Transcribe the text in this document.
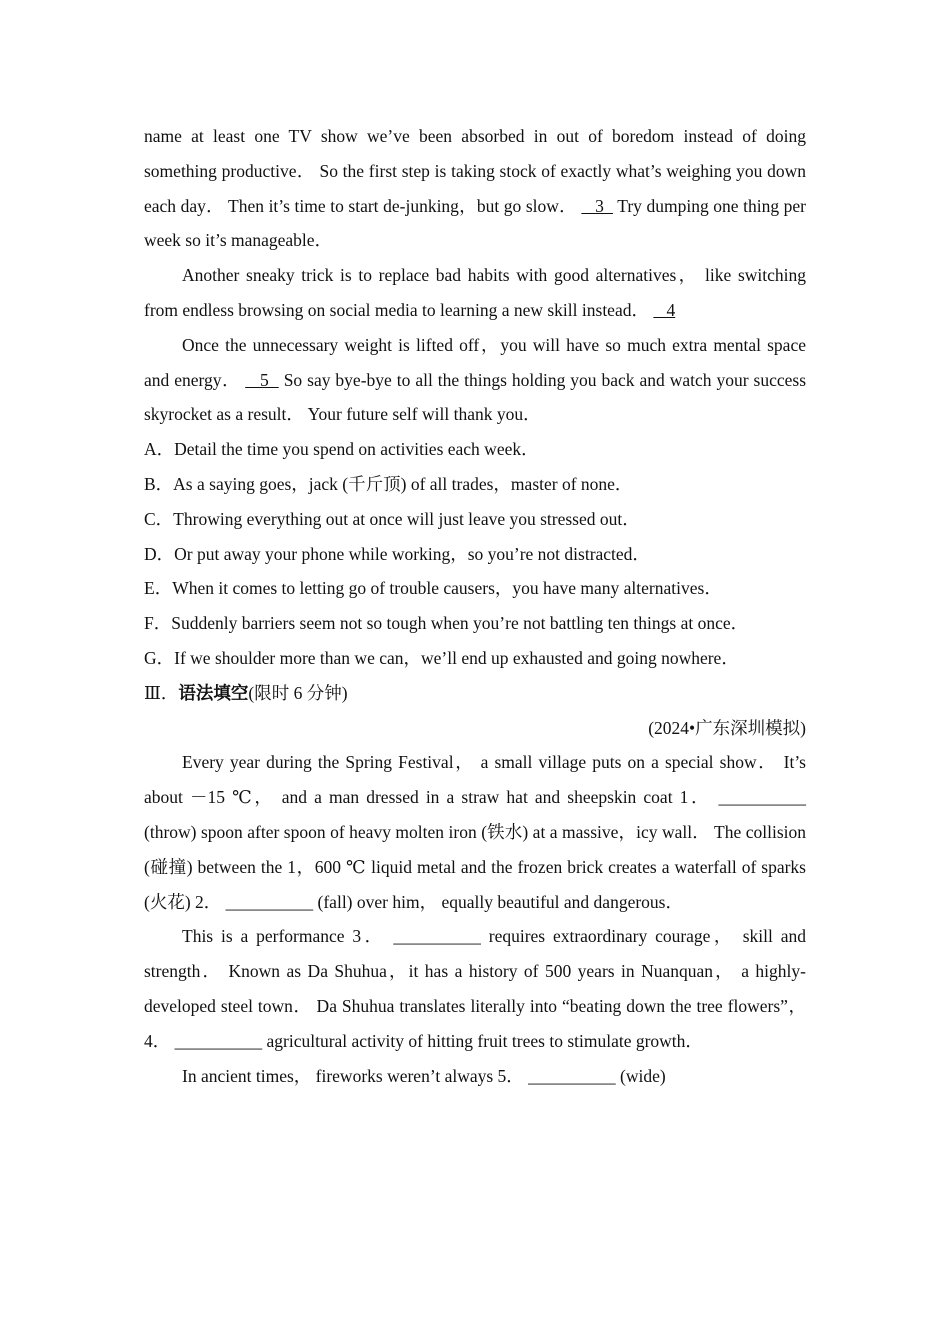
name at least one TV show we’ve been absorbed in out of boredom instead of doing something productive． So the first step is taking stock of exactly what’s weighing you down each day． Then it’s time to start de-junking，but go slow．    3   Try dumping one thing per week so it’s manageable．

Another sneaky trick is to replace bad habits with good alternatives， like switching from endless browsing on social media to learning a new skill instead．    4

Once the unnecessary weight is lifted off，you will have so much extra mental space and energy．    5   So say bye-bye to all the things holding you back and watch your success skyrocket as a result． Your future self will thank you．

A．Detail the time you spend on activities each week．

B．As a saying goes，jack (千斤顶) of all trades，master of none．

C．Throwing everything out at once will just leave you stressed out．

D．Or put away your phone while working，so you’re not distracted．

E．When it comes to letting go of trouble causers，you have many alternatives．

F．Suddenly barriers seem not so tough when you’re not battling ten things at once．

G．If we shoulder more than we can，we’ll end up exhausted and going nowhere．

Ⅲ．语法填空(限时 6 分钟)

(2024•广东深圳模拟)

Every year during the Spring Festival， a small village puts on a special show． It’s about －15 ℃， and a man dressed in a straw hat and sheepskin coat 1． __________ (throw) spoon after spoon of heavy molten iron (铁水) at a massive，icy wall． The collision (碰撞) between the 1，600 ℃ liquid metal and the frozen brick creates a waterfall of sparks (火花) 2． __________ (fall) over him， equally beautiful and dangerous．

This is a performance 3． __________ requires extraordinary courage， skill and strength． Known as Da Shuhua，it has a history of 500 years in Nuanquan， a highly-developed steel town． Da Shuhua translates literally into “beating down the tree flowers”， 4． __________ agricultural activity of hitting fruit trees to stimulate growth．

In ancient times， fireworks weren’t always 5． __________ (wide)
